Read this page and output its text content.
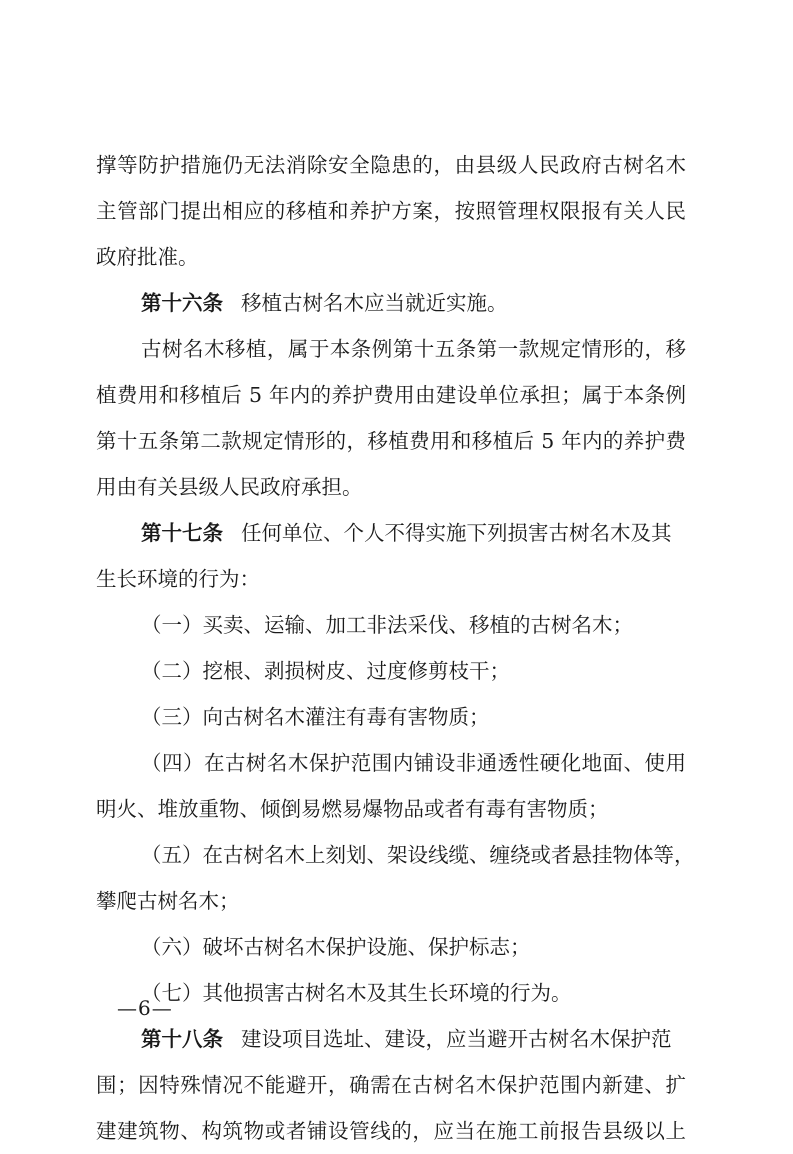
撑等防护措施仍无法消除安全隐患的，由县级人民政府古树名木
主管部门提出相应的移植和养护方案，按照管理权限报有关人民
政府批准。
第十六条 移植古树名木应当就近实施。
古树名木移植，属于本条例第十五条第一款规定情形的，移
植费用和移植后 5 年内的养护费用由建设单位承担；属于本条例
第十五条第二款规定情形的，移植费用和移植后 5 年内的养护费
用由有关县级人民政府承担。
第十七条 任何单位、个人不得实施下列损害古树名木及其
生长环境的行为：
（一）买卖、运输、加工非法采伐、移植的古树名木；
（二）挖根、剥损树皮、过度修剪枝干；
（三）向古树名木灌注有毒有害物质；
（四）在古树名木保护范围内铺设非通透性硬化地面、使用
明火、堆放重物、倾倒易燃易爆物品或者有毒有害物质；
（五）在古树名木上刻划、架设线缆、缠绕或者悬挂物体等，
攀爬古树名木；
（六）破坏古树名木保护设施、保护标志；
（七）其他损害古树名木及其生长环境的行为。
第十八条 建设项目选址、建设，应当避开古树名木保护范
围；因特殊情况不能避开，确需在古树名木保护范围内新建、扩
建建筑物、构筑物或者铺设管线的，应当在施工前报告县级以上
—6—
